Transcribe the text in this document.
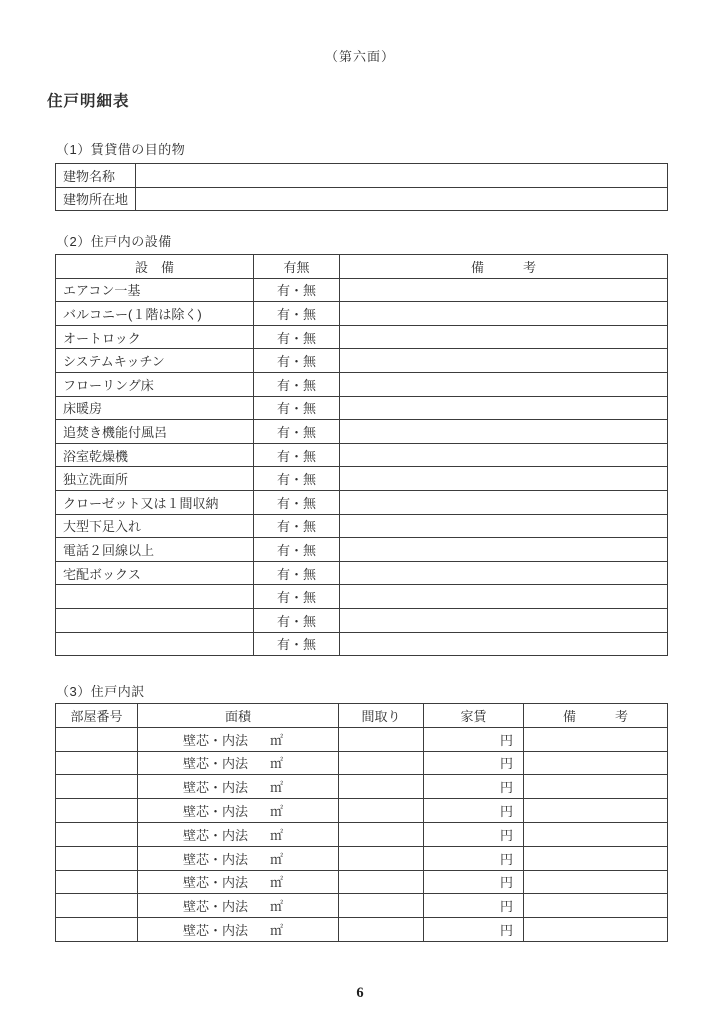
（第六面）
住戸明細表
（1）賃貸借の目的物
建物名称	
建物所在地	
（2）住戸内の設備
設　備	有無	備　　　考
エアコン一基	有・無	
バルコニー(１階は除く)	有・無	
オートロック	有・無	
システムキッチン	有・無	
フローリング床	有・無	
床暖房	有・無	
追焚き機能付風呂	有・無	
浴室乾燥機	有・無	
独立洗面所	有・無	
クローゼット又は１間収納	有・無	
大型下足入れ	有・無	
電話２回線以上	有・無	
宅配ボックス	有・無	
	有・無	
	有・無	
	有・無	
（3）住戸内訳
部屋番号	面積	間取り	家賃	備　　　考

	壁芯・内法 ㎡		円	

	壁芯・内法 ㎡		円	

	壁芯・内法 ㎡		円	

	壁芯・内法 ㎡		円	

	壁芯・内法 ㎡		円	

	壁芯・内法 ㎡		円	

	壁芯・内法 ㎡		円	

	壁芯・内法 ㎡		円	

	壁芯・内法 ㎡		円	
6
